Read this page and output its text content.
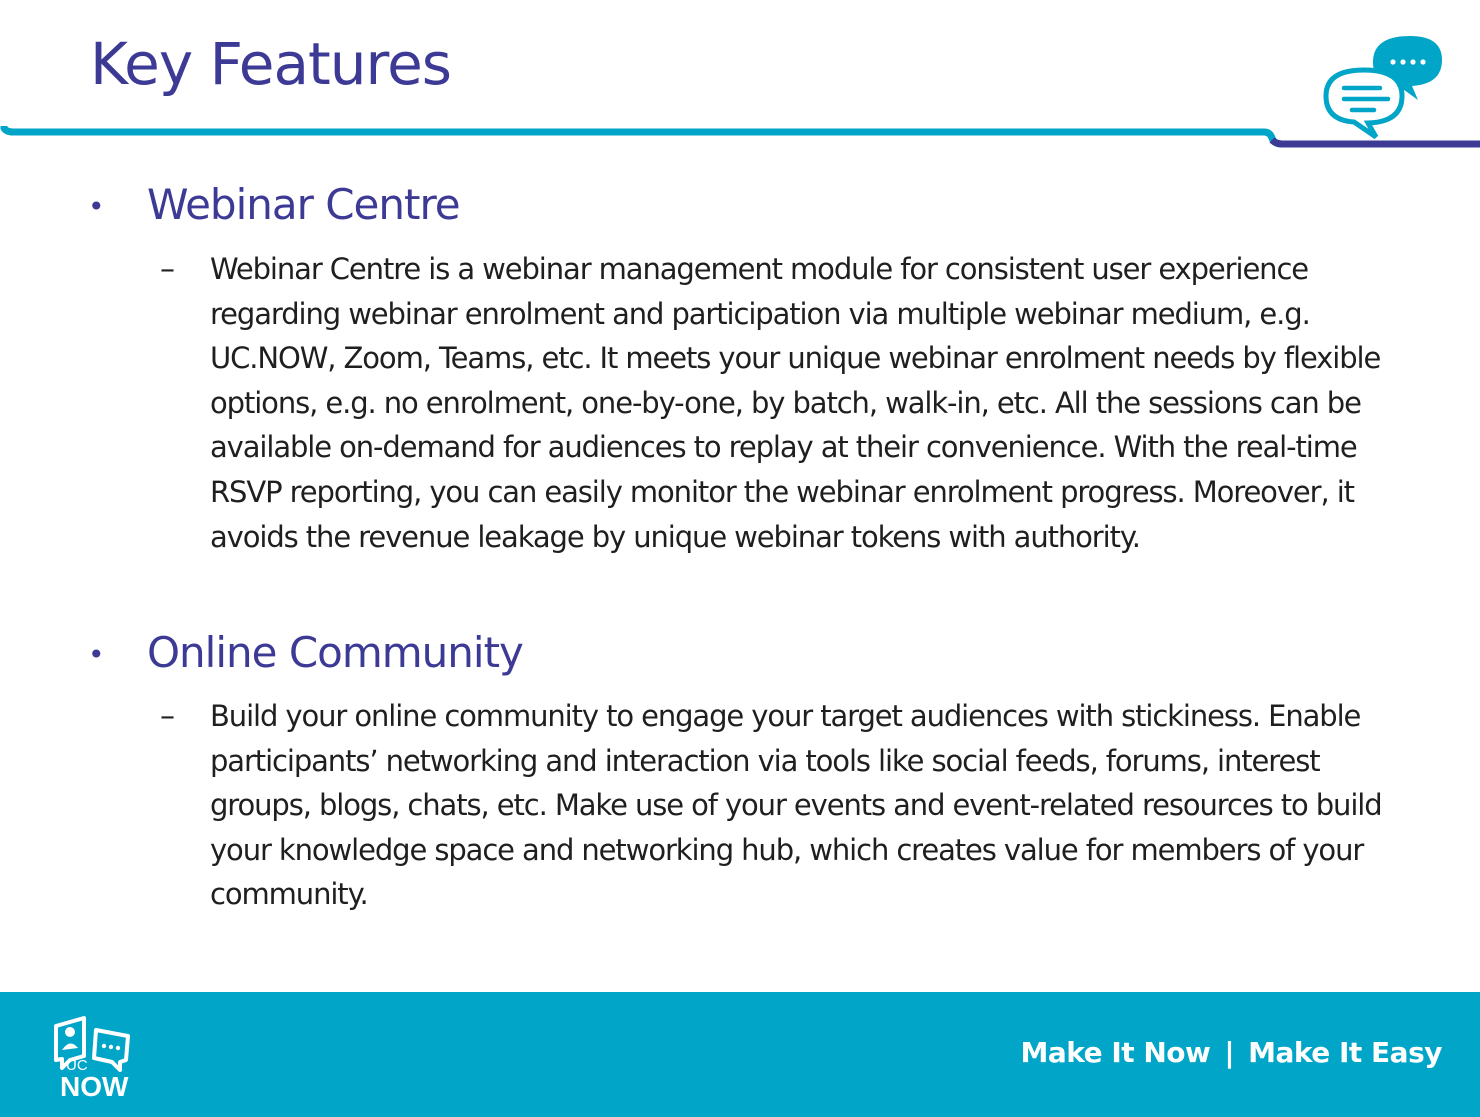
Key Features
• Webinar Centre
– Webinar Centre is a webinar management module for consistent user experience regarding webinar enrolment and participation via multiple webinar medium, e.g. UC.NOW, Zoom, Teams, etc. It meets your unique webinar enrolment needs by flexible options, e.g. no enrolment, one-by-one, by batch, walk-in, etc. All the sessions can be available on-demand for audiences to replay at their convenience. With the real-time RSVP reporting, you can easily monitor the webinar enrolment progress. Moreover, it avoids the revenue leakage by unique webinar tokens with authority.

• Online Community
– Build your online community to engage your target audiences with stickiness. Enable participants’ networking and interaction via tools like social feeds, forums, interest groups, blogs, chats, etc. Make use of your events and event-related resources to build your knowledge space and networking hub, which creates value for members of your community.

UC
NOW
Make It Now | Make It Easy
